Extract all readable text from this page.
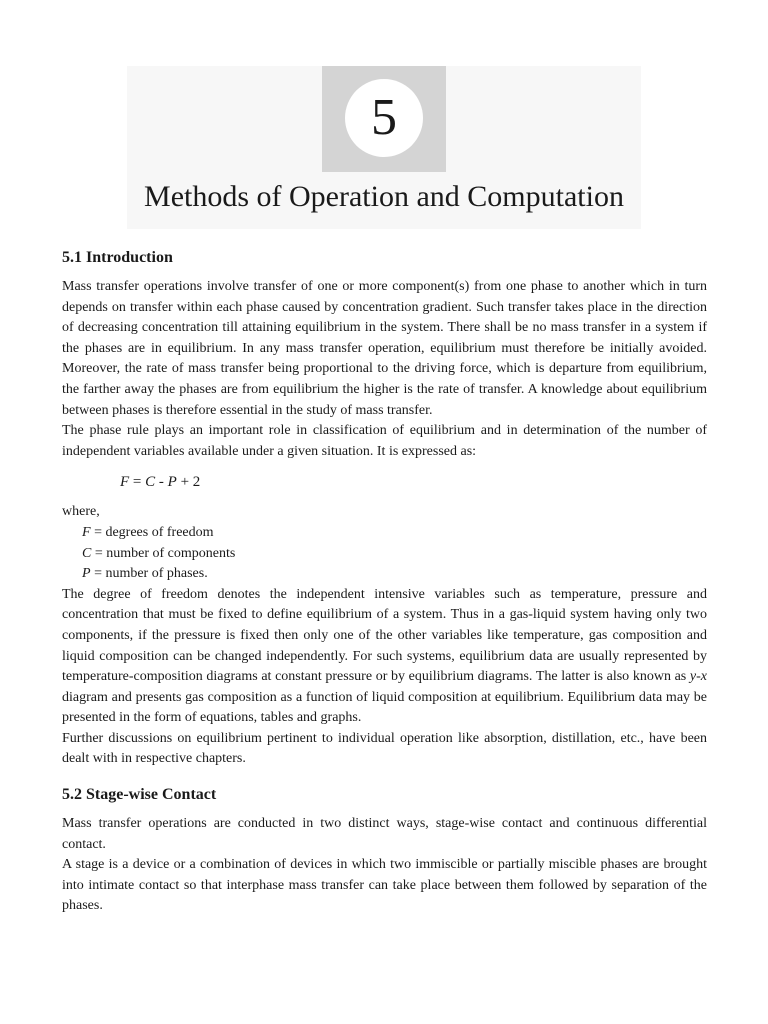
5
Methods of Operation and Computation
5.1 Introduction

Mass transfer operations involve transfer of one or more component(s) from one phase to another which in turn depends on transfer within each phase caused by concentration gradient. Such transfer takes place in the direction of decreasing concentration till attaining equilibrium in the system. There shall be no mass transfer in a system if the phases are in equilibrium. In any mass transfer operation, equilibrium must therefore be initially avoided. Moreover, the rate of mass transfer being proportional to the driving force, which is departure from equilibrium, the farther away the phases are from equilibrium the higher is the rate of transfer. A knowledge about equilibrium between phases is therefore essential in the study of mass transfer.

The phase rule plays an important role in classification of equilibrium and in determination of the number of independent variables available under a given situation. It is expressed as:

F = C - P + 2
where,
F = degrees of freedom
C = number of components
P = number of phases.

The degree of freedom denotes the independent intensive variables such as temperature, pressure and concentration that must be fixed to define equilibrium of a system. Thus in a gas-liquid system having only two components, if the pressure is fixed then only one of the other variables like temperature, gas composition and liquid composition can be changed independently. For such systems, equilibrium data are usually represented by temperature-composition diagrams at constant pressure or by equilibrium diagrams. The latter is also known as y-x diagram and presents gas composition as a function of liquid composition at equilibrium. Equilibrium data may be presented in the form of equations, tables and graphs.

Further discussions on equilibrium pertinent to individual operation like absorption, distillation, etc., have been dealt with in respective chapters.

5.2 Stage-wise Contact

Mass transfer operations are conducted in two distinct ways, stage-wise contact and continuous differential contact.

A stage is a device or a combination of devices in which two immiscible or partially miscible phases are brought into intimate contact so that interphase mass transfer can take place between them followed by separation of the phases.
